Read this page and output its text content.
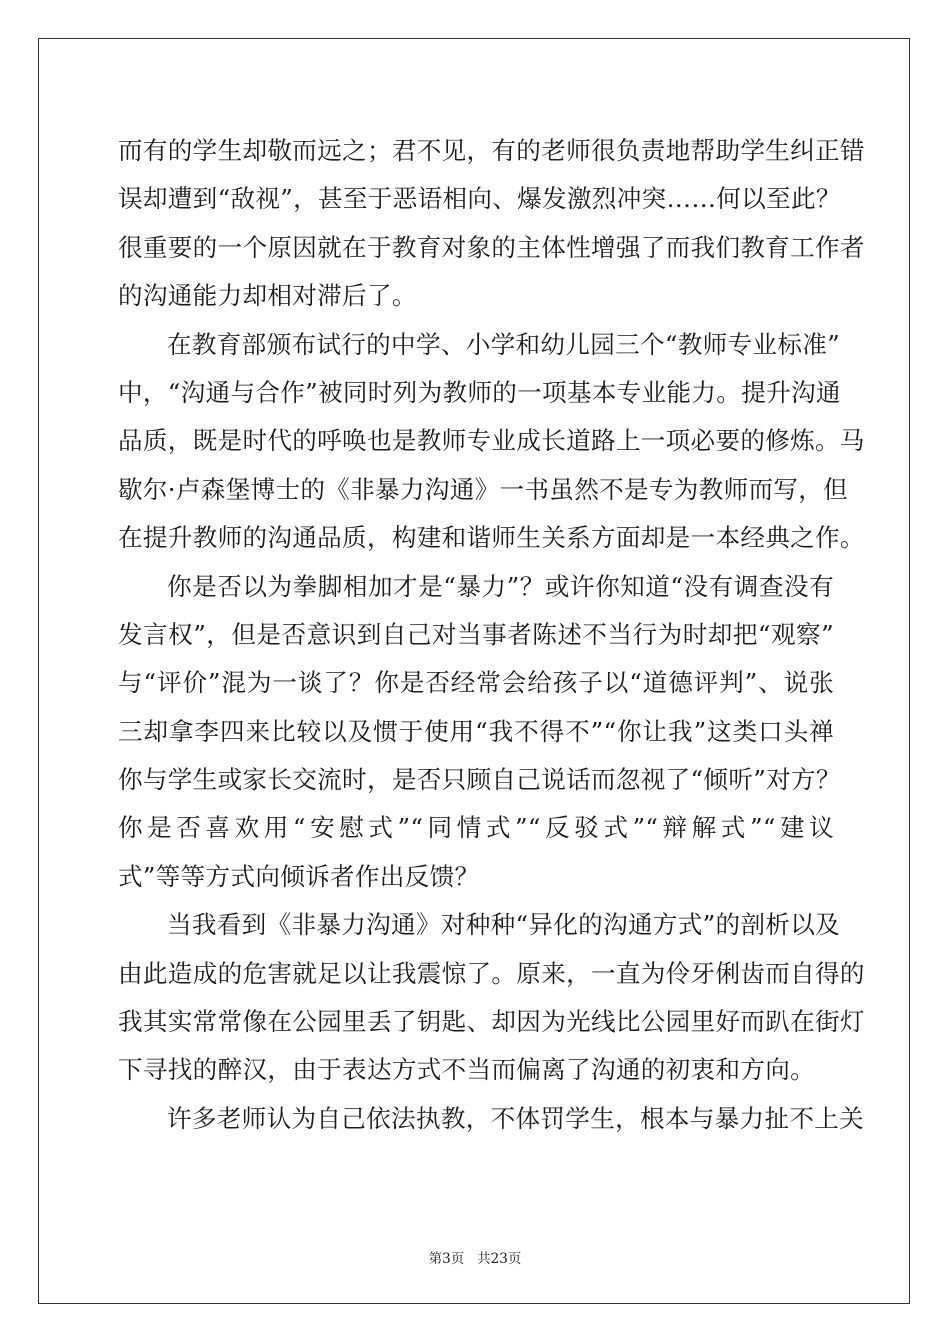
而有的学生却敬而远之；君不见，有的老师很负责地帮助学生纠正错
误却遭到“敌视”，甚至于恶语相向、爆发激烈冲突……何以至此？
很重要的一个原因就在于教育对象的主体性增强了而我们教育工作者
的沟通能力却相对滞后了。
在教育部颁布试行的中学、小学和幼儿园三个“教师专业标准”
中，“沟通与合作”被同时列为教师的一项基本专业能力。提升沟通
品质，既是时代的呼唤也是教师专业成长道路上一项必要的修炼。马
歇尔·卢森堡博士的《非暴力沟通》一书虽然不是专为教师而写，但
在提升教师的沟通品质，构建和谐师生关系方面却是一本经典之作。
你是否以为拳脚相加才是“暴力”？或许你知道“没有调查没有
发言权”，但是否意识到自己对当事者陈述不当行为时却把“观察”
与“评价”混为一谈了？你是否经常会给孩子以“道德评判”、说张
三却拿李四来比较以及惯于使用“我不得不”“你让我”这类口头禅
你与学生或家长交流时，是否只顾自己说话而忽视了“倾听”对方？
你是否喜欢用“安慰式”“同情式”“反驳式”“辩解式”“建议
式”等等方式向倾诉者作出反馈？
当我看到《非暴力沟通》对种种“异化的沟通方式”的剖析以及
由此造成的危害就足以让我震惊了。原来，一直为伶牙俐齿而自得的
我其实常常像在公园里丢了钥匙、却因为光线比公园里好而趴在街灯
下寻找的醉汉，由于表达方式不当而偏离了沟通的初衷和方向。
许多老师认为自己依法执教，不体罚学生，根本与暴力扯不上关
第3页   共23页
